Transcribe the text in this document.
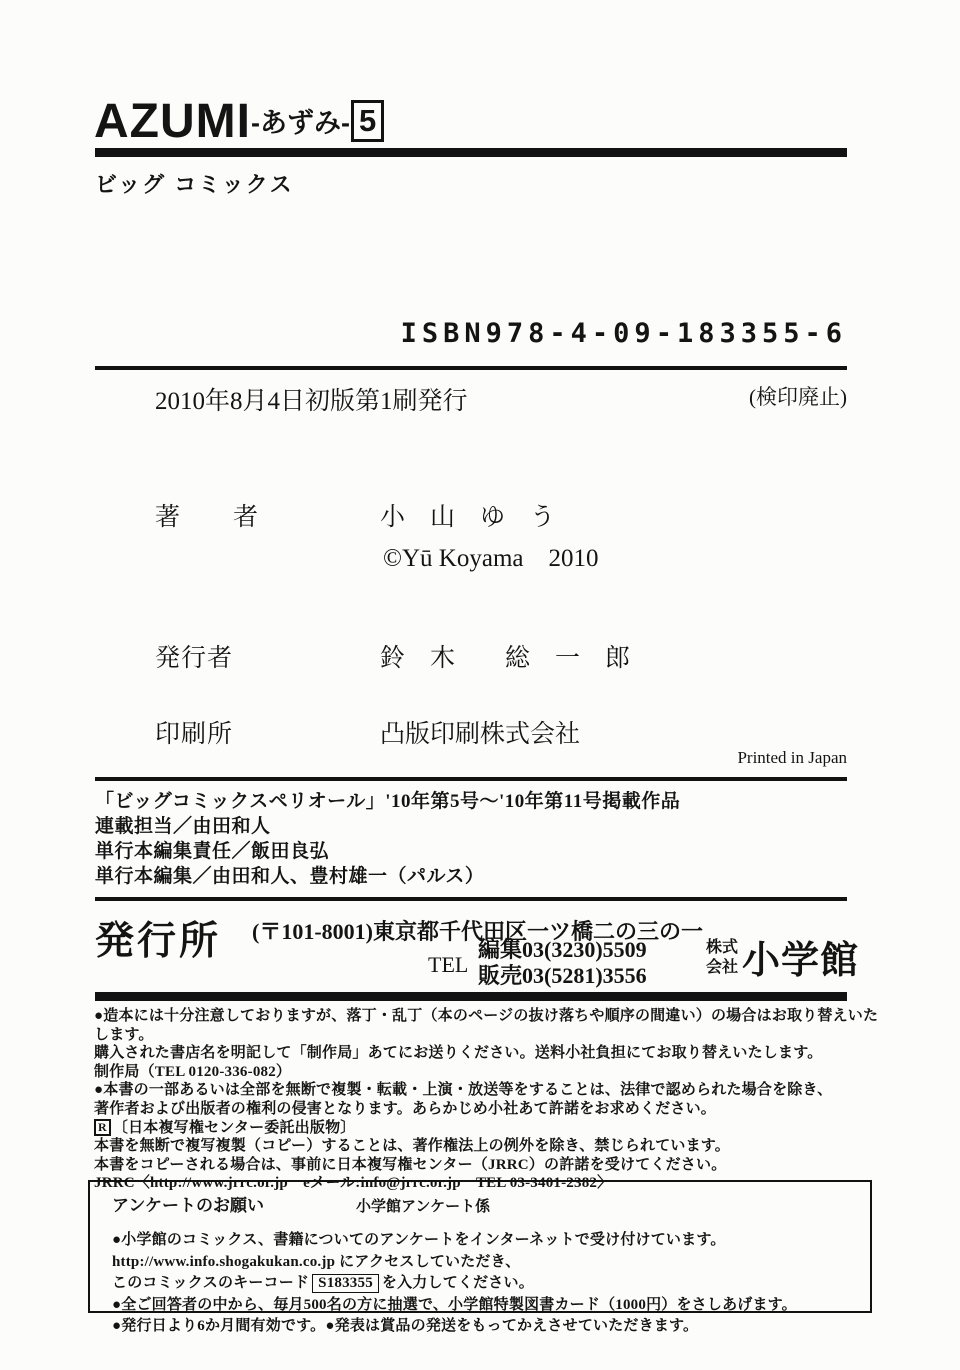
AZUMI-あずみ- 5
ビッグ コミックス
ISBN978-4-09-183355-6
2010年8月4日初版第1刷発行	(検印廃止)
著　　者	小　山　ゆ　う
©Yū Koyama　2010
発行者	鈴　木　　総　一　郎
印刷所	凸版印刷株式会社
Printed in Japan
「ビッグコミックスペリオール」'10年第5号～'10年第11号掲載作品
連載担当／由田和人
単行本編集責任／飯田良弘
単行本編集／由田和人、豊村雄一（パルス）
発行所 (〒101-8001)東京都千代田区一ツ橋二の三の一
TEL
編集03(3230)5509
販売03(5281)3556
株式
会社 小学館
●造本には十分注意しておりますが、落丁・乱丁（本のページの抜け落ちや順序の間違い）の場合はお取り替えいたします。
購入された書店名を明記して「制作局」あてにお送りください。送料小社負担にてお取り替えいたします。
制作局（TEL 0120-336-082）
●本書の一部あるいは全部を無断で複製・転載・上演・放送等をすることは、法律で認められた場合を除き、
著作者および出版者の権利の侵害となります。あらかじめ小社あて許諾をお求めください。
R 〔日本複写権センター委託出版物〕
本書を無断で複写複製（コピー）することは、著作権法上の例外を除き、禁じられています。
本書をコピーされる場合は、事前に日本複写権センター（JRRC）の許諾を受けてください。
JRRC〈http://www.jrrc.or.jp　eメール:info@jrrc.or.jp　TEL 03-3401-2382〉
アンケートのお願い	小学館アンケート係
●小学館のコミックス、書籍についてのアンケートをインターネットで受け付けています。
http://www.info.shogakukan.co.jp にアクセスしていただき、
このコミックスのキーコード S183355 を入力してください。
●全ご回答者の中から、毎月500名の方に抽選で、小学館特製図書カード（1000円）をさしあげます。
●発行日より6か月間有効です。●発表は賞品の発送をもってかえさせていただきます。
